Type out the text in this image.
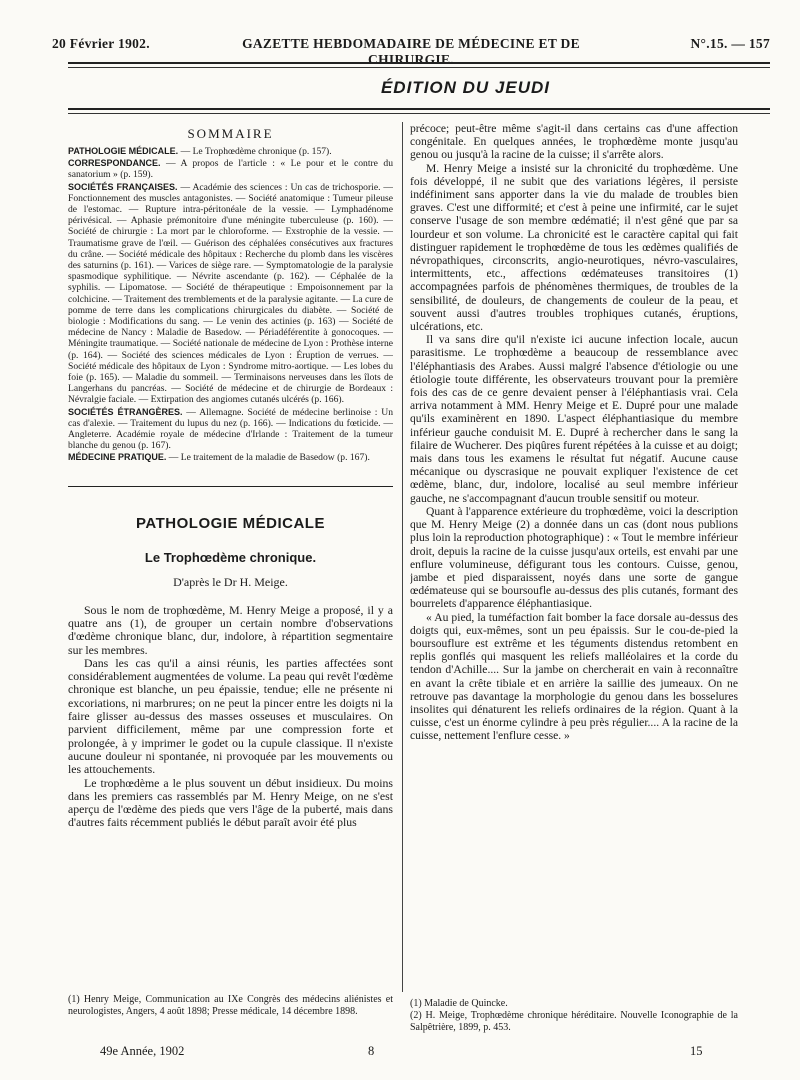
20 Février 1902.	GAZETTE HEBDOMADAIRE DE MÉDECINE ET DE CHIRURGIE.
N°.15. — 157
ÉDITION DU JEUDI
SOMMAIRE

PATHOLOGIE MÉDICALE. — Le Trophœdème chronique (p. 157).

CORRESPONDANCE. — A propos de l'article : « Le pour et le contre du sanatorium » (p. 159).

SOCIÉTÉS FRANÇAISES. — Académie des sciences : Un cas de trichosporie. — Fonctionnement des muscles antagonistes. — Société anatomique : Tumeur pileuse de l'estomac. — Rupture intra-péritonéale de la vessie. — Lymphadénome périvésical. — Aphasie prémonitoire d'une méningite tuberculeuse (p. 160). — Société de chirurgie : La mort par le chloroforme. — Exstrophie de la vessie. — Traumatisme grave de l'œil. — Guérison des céphalées consécutives aux fractures du crâne. — Société médicale des hôpitaux : Recherche du plomb dans les viscères des saturnins (p. 161). — Varices de siège rare. — Symptomatologie de la paralysie spasmodique syphilitique. — Névrite ascendante (p. 162). — Céphalée de la syphilis. — Lipomatose. — Société de thérapeutique : Empoisonnement par la colchicine. — Traitement des tremblements et de la paralysie agitante. — La cure de pomme de terre dans les complications chirurgicales du diabète. — Société de biologie : Modifications du sang. — Le venin des actinies (p. 163) — Société de médecine de Nancy : Maladie de Basedow. — Périadéférentite à gonocoques. — Méningite traumatique. — Société nationale de médecine de Lyon : Prothèse interne (p. 164). — Société des sciences médicales de Lyon : Éruption de verrues. — Société médicale des hôpitaux de Lyon : Syndrome mitro-aortique. — Les lobes du foie (p. 165). — Maladie du sommeil. — Terminaisons nerveuses dans les îlots de Langerhans du pancréas. — Société de médecine et de chirurgie de Bordeaux : Névralgie faciale. — Extirpation des angiomes cutanés ulcérés (p. 166).

SOCIÉTÉS ÉTRANGÈRES. — Allemagne. Société de médecine berlinoise : Un cas d'alexie. — Traitement du lupus du nez (p. 166). — Indications du fœticide. — Angleterre. Académie royale de médecine d'Irlande : Traitement de la tumeur blanche du genou (p. 167).

MÉDECINE PRATIQUE. — Le traitement de la maladie de Basedow (p. 167).

PATHOLOGIE MÉDICALE
Le Trophœdème chronique.
D'après le Dr H. Meige.

Sous le nom de trophœdème, M. Henry Meige a proposé, il y a quatre ans (1), de grouper un certain nombre d'observations d'œdème chronique blanc, dur, indolore, à répartition segmentaire sur les membres.

Dans les cas qu'il a ainsi réunis, les parties affectées sont considérablement augmentées de volume. La peau qui revêt l'œdème chronique est blanche, un peu épaissie, tendue; elle ne présente ni excoriations, ni marbrures; on ne peut la pincer entre les doigts ni la faire glisser au-dessus des masses osseuses et musculaires. On parvient difficilement, même par une compression forte et prolongée, à y imprimer le godet ou la cupule classique. Il n'existe aucune douleur ni spontanée, ni provoquée par les mouvements ou les attouchements.

Le trophœdème a le plus souvent un début insidieux. Du moins dans les premiers cas rassemblés par M. Henry Meige, on ne s'est aperçu de l'œdème des pieds que vers l'âge de la puberté, mais dans d'autres faits récemment publiés le début paraît avoir été plus

précoce; peut-être même s'agit-il dans certains cas d'une affection congénitale. En quelques années, le trophœdème monte jusqu'au genou ou jusqu'à la racine de la cuisse; il s'arrête alors.

M. Henry Meige a insisté sur la chronicité du trophœdème. Une fois développé, il ne subit que des variations légères, il persiste indéfiniment sans apporter dans la vie du malade de troubles bien graves. C'est une difformité; et c'est à peine une infirmité, car le sujet conserve l'usage de son membre œdématié; il n'est gêné que par sa lourdeur et son volume. La chronicité est le caractère capital qui fait distinguer rapidement le trophœdème de tous les œdèmes qualifiés de névropathiques, circonscrits, angio-neurotiques, névro-vasculaires, intermittents, etc., affections œdémateuses transitoires (1) accompagnées parfois de phénomènes thermiques, de troubles de la sensibilité, de douleurs, de changements de couleur de la peau, et souvent aussi d'autres troubles trophiques cutanés, éruptions, ulcérations, etc.

Il va sans dire qu'il n'existe ici aucune infection locale, aucun parasitisme. Le trophœdème a beaucoup de ressemblance avec l'éléphantiasis des Arabes. Aussi malgré l'absence d'étiologie ou une étiologie toute différente, les observateurs trouvant pour la première fois des cas de ce genre devaient penser à l'éléphantiasis vrai. Cela arriva notamment à MM. Henry Meige et E. Dupré pour une malade qu'ils examinèrent en 1890. L'aspect éléphantiasique du membre inférieur gauche conduisit M. E. Dupré à rechercher dans le sang la filaire de Wucherer. Des piqûres furent répétées à la cuisse et au doigt; mais dans tous les examens le résultat fut négatif. Aucune cause mécanique ou dyscrasique ne pouvait expliquer l'existence de cet œdème, blanc, dur, indolore, localisé au seul membre inférieur gauche, ne s'accompagnant d'aucun trouble sensitif ou moteur.

Quant à l'apparence extérieure du trophœdème, voici la description que M. Henry Meige (2) a donnée dans un cas (dont nous publions plus loin la reproduction photographique) : « Tout le membre inférieur droit, depuis la racine de la cuisse jusqu'aux orteils, est envahi par une enflure volumineuse, défigurant tous les contours. Cuisse, genou, jambe et pied disparaissent, noyés dans une sorte de gangue œdémateuse qui se boursoufle au-dessus des plis cutanés, formant des bourrelets d'apparence éléphantiasique.

« Au pied, la tuméfaction fait bomber la face dorsale au-dessus des doigts qui, eux-mêmes, sont un peu épaissis. Sur le cou-de-pied la boursouflure est extrême et les téguments distendus retombent en replis gonflés qui masquent les reliefs malléolaires et la corde du tendon d'Achille.... Sur la jambe on chercherait en vain à reconnaître en avant la crête tibiale et en arrière la saillie des jumeaux. On ne retrouve pas davantage la morphologie du genou dans les bosselures insolites qui dénaturent les reliefs ordinaires de la région. Quant à la cuisse, c'est un énorme cylindre à peu près régulier.... A la racine de la cuisse, nettement l'enflure cesse. »

(1) Henry Meige, Communication au IXe Congrès des médecins aliénistes et neurologistes, Angers, 4 août 1898; Presse médicale, 14 décembre 1898.
(1) Maladie de Quincke.
(2) H. Meige, Trophœdème chronique héréditaire. Nouvelle Iconographie de la Salpêtrière, 1899, p. 453.
49e Année, 1902	8	15
